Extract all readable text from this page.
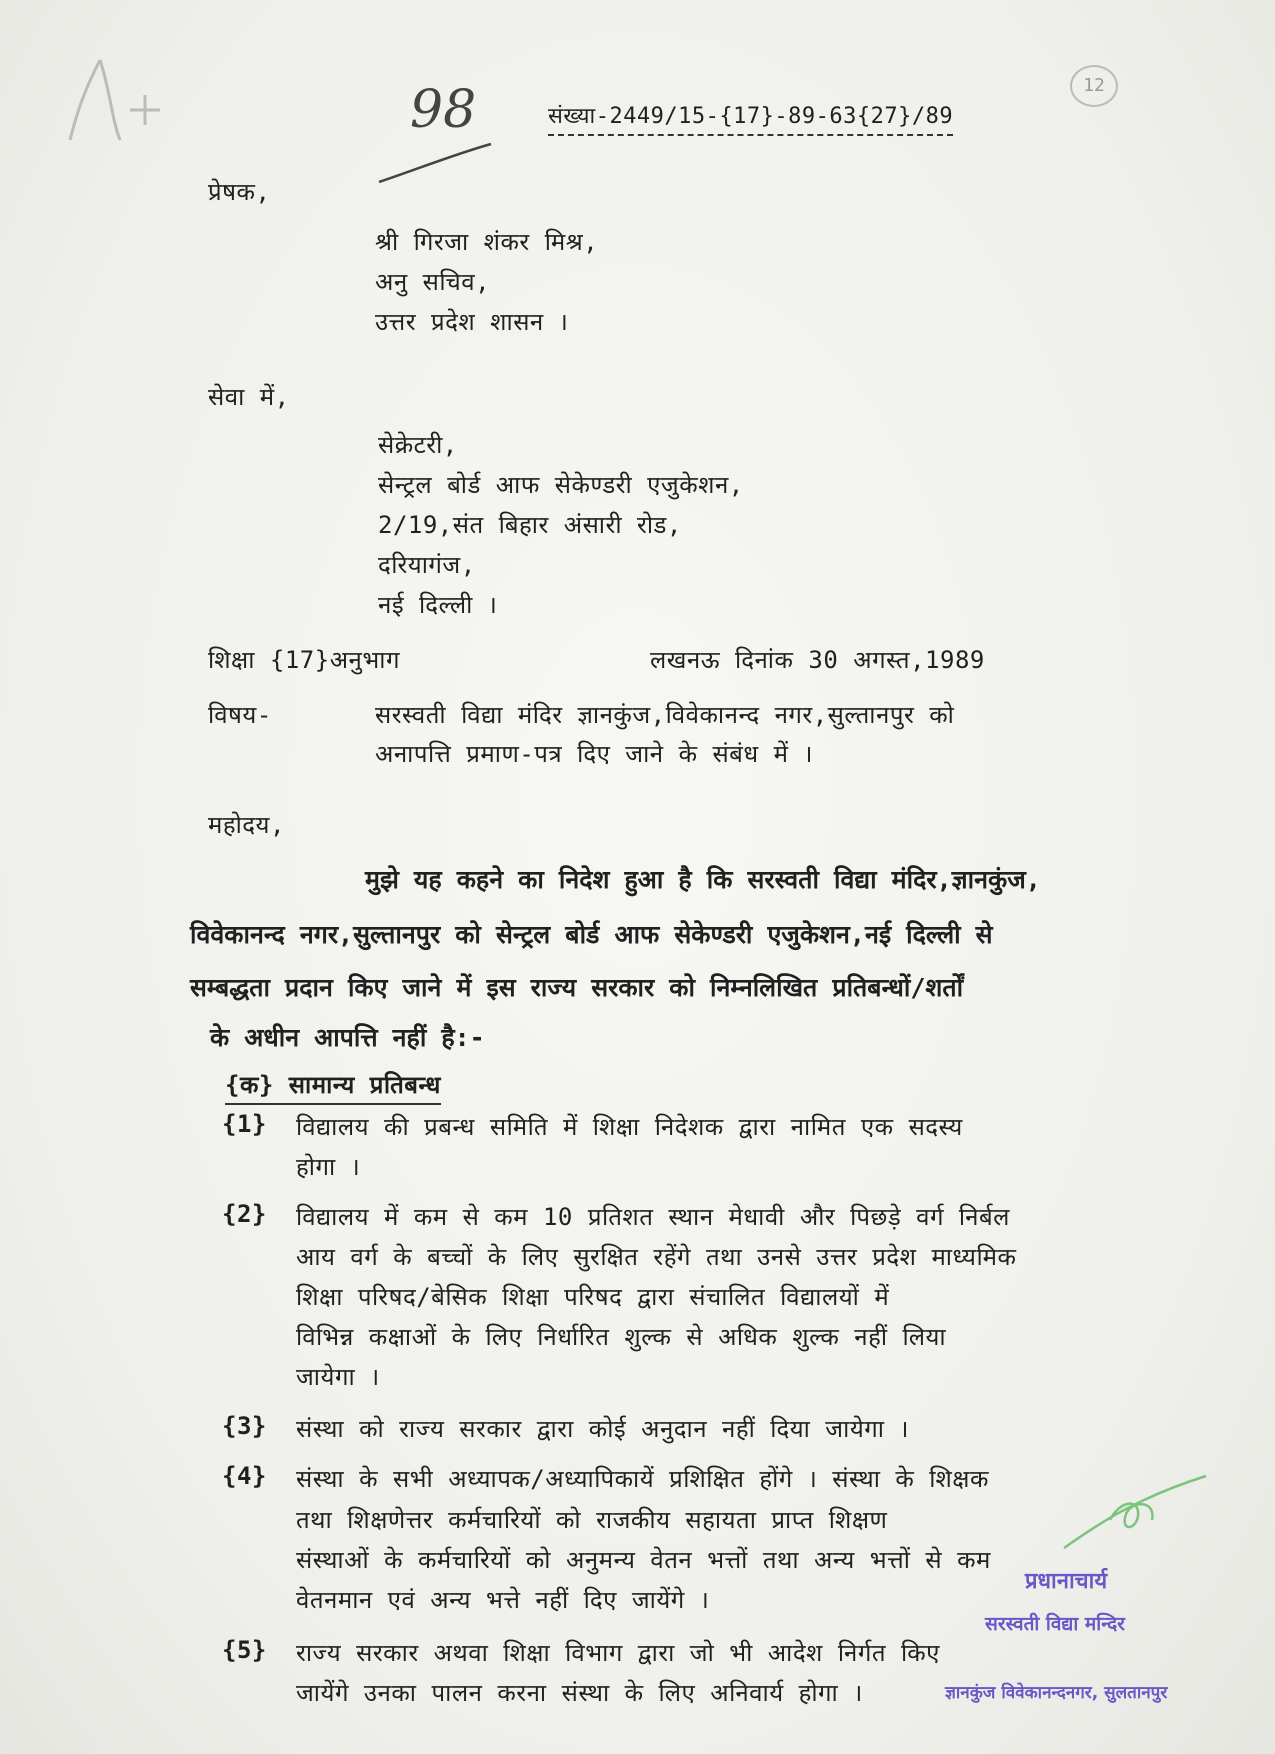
98	संख्या-2449/15-{17}-89-63{27}/89
12
प्रेषक,
श्री गिरजा शंकर मिश्र,
अनु सचिव,
उत्तर प्रदेश शासन ।
सेवा में,
सेक्रेटरी,
सेन्ट्रल बोर्ड आफ सेकेण्डरी एजुकेशन,
2/19,संत बिहार अंसारी रोड,
दरियागंज,
नई दिल्ली ।
शिक्षा {17}अनुभाग	लखनऊ दिनांक 30 अगस्त,1989
विषय-	सरस्वती विद्या मंदिर ज्ञानकुंज,विवेकानन्द नगर,सुल्तानपुर को
अनापत्ति प्रमाण-पत्र दिए जाने के संबंध में ।
महोदय,
मुझे यह कहने का निदेश हुआ है कि सरस्वती विद्या मंदिर,ज्ञानकुंज,
विवेकानन्द नगर,सुल्तानपुर को सेन्ट्रल बोर्ड आफ सेकेण्डरी एजुकेशन,नई दिल्ली से
सम्बद्धता प्रदान किए जाने में इस राज्य सरकार को निम्नलिखित प्रतिबन्धों/शर्तों
के अधीन आपत्ति नहीं है:-
{क} सामान्य प्रतिबन्ध
{1} विद्यालय की प्रबन्ध समिति में शिक्षा निदेशक द्वारा नामित एक सदस्य
होगा ।
{2} विद्यालय में कम से कम 10 प्रतिशत स्थान मेधावी और पिछड़े वर्ग निर्बल
आय वर्ग के बच्चों के लिए सुरक्षित रहेंगे तथा उनसे उत्तर प्रदेश माध्यमिक
शिक्षा परिषद/बेसिक शिक्षा परिषद द्वारा संचालित विद्यालयों में
विभिन्न कक्षाओं के लिए निर्धारित शुल्क से अधिक शुल्क नहीं लिया
जायेगा ।
{3} संस्था को राज्य सरकार द्वारा कोई अनुदान नहीं दिया जायेगा ।
{4} संस्था के सभी अध्यापक/अध्यापिकायें प्रशिक्षित होंगे । संस्था के शिक्षक
तथा शिक्षणेत्तर कर्मचारियों को राजकीय सहायता प्राप्त शिक्षण
संस्थाओं के कर्मचारियों को अनुमन्य वेतन भत्तों तथा अन्य भत्तों से कम
वेतनमान एवं अन्य भत्ते नहीं दिए जायेंगे ।
{5} राज्य सरकार अथवा शिक्षा विभाग द्वारा जो भी आदेश निर्गत किए
जायेंगे उनका पालन करना संस्था के लिए अनिवार्य होगा ।
प्रधानाचार्य
सरस्वती विद्या मन्दिर
ज्ञानकुंज विवेकानन्दनगर, सुलतानपुर
